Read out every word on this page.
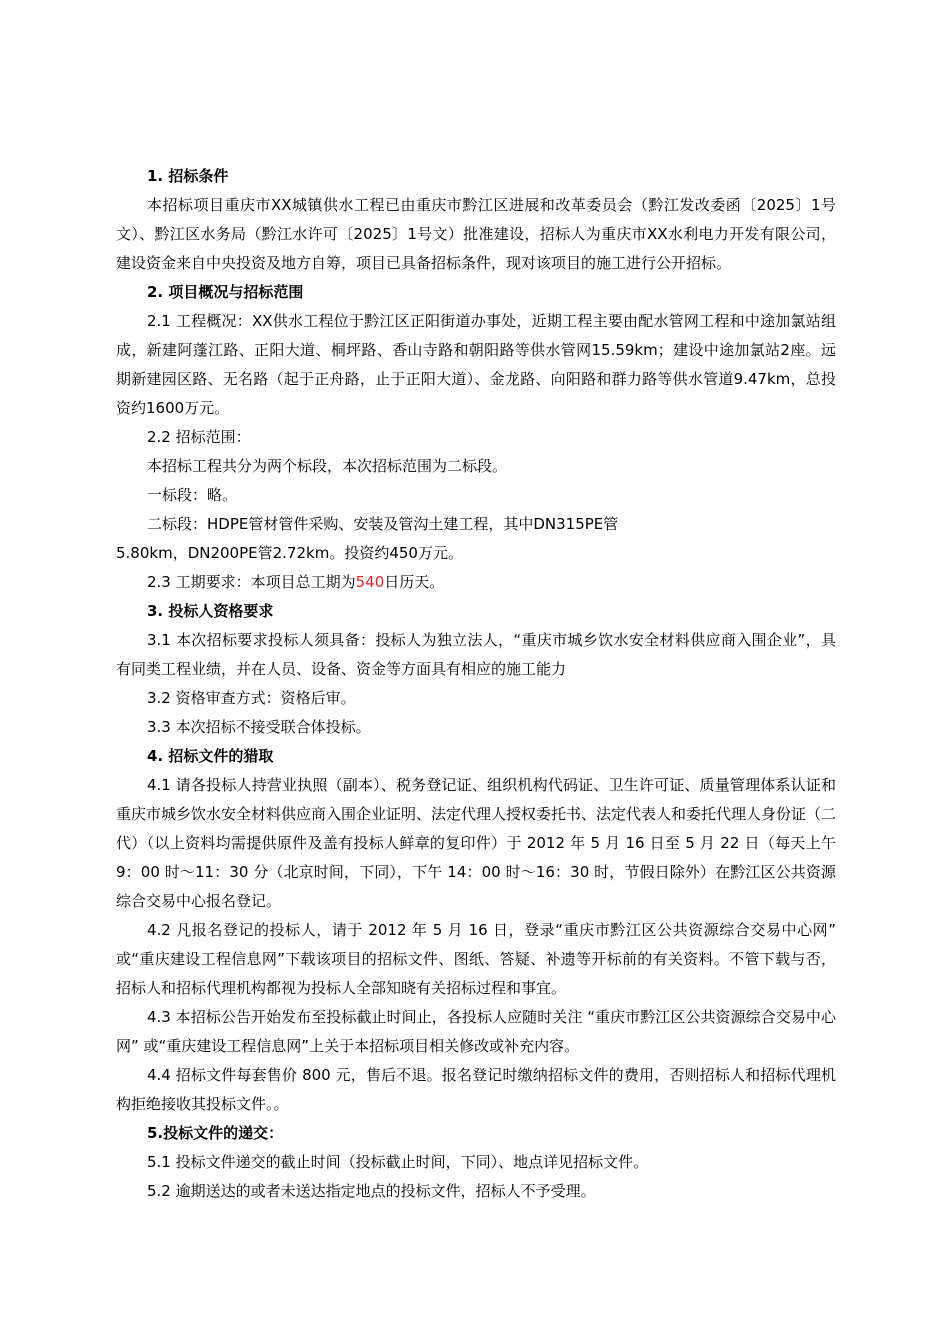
1. 招标条件

本招标项目重庆市XX城镇供水工程已由重庆市黔江区进展和改革委员会（黔江发改委函〔2025〕1号文）、黔江区水务局（黔江水许可〔2025〕1号文）批准建设，招标人为重庆市XX水利电力开发有限公司，建设资金来自中央投资及地方自筹，项目已具备招标条件，现对该项目的施工进行公开招标。

2. 项目概况与招标范围

2.1 工程概况：XX供水工程位于黔江区正阳街道办事处，近期工程主要由配水管网工程和中途加氯站组成，新建阿蓬江路、正阳大道、桐坪路、香山寺路和朝阳路等供水管网15.59km；建设中途加氯站2座。远期新建园区路、无名路（起于正舟路，止于正阳大道）、金龙路、向阳路和群力路等供水管道9.47km，总投资约1600万元。

2.2 招标范围：

本招标工程共分为两个标段，本次招标范围为二标段。

一标段：略。

二标段：HDPE管材管件采购、安装及管沟土建工程，其中DN315PE管

5.80km，DN200PE管2.72km。投资约450万元。

2.3 工期要求：本项目总工期为540日历天。

3. 投标人资格要求

3.1 本次招标要求投标人须具备：投标人为独立法人，“重庆市城乡饮水安全材料供应商入围企业”，具有同类工程业绩，并在人员、设备、资金等方面具有相应的施工能力

3.2 资格审查方式：资格后审。

3.3 本次招标不接受联合体投标。

4. 招标文件的猎取

4.1 请各投标人持营业执照（副本）、税务登记证、组织机构代码证、卫生许可证、质量管理体系认证和重庆市城乡饮水安全材料供应商入围企业证明、法定代理人授权委托书、法定代表人和委托代理人身份证（二代）（以上资料均需提供原件及盖有投标人鲜章的复印件）于 2012 年 5 月 16 日至 5 月 22 日（每天上午 9：00 时～11：30 分（北京时间，下同），下午 14：00 时～16：30 时，节假日除外）在黔江区公共资源综合交易中心报名登记。

4.2 凡报名登记的投标人，请于 2012 年 5 月 16 日，登录“重庆市黔江区公共资源综合交易中心网” 或“重庆建设工程信息网”下载该项目的招标文件、图纸、答疑、补遗等开标前的有关资料。不管下载与否，招标人和招标代理机构都视为投标人全部知晓有关招标过程和事宜。

4.3 本招标公告开始发布至投标截止时间止，各投标人应随时关注 “重庆市黔江区公共资源综合交易中心网” 或“重庆建设工程信息网”上关于本招标项目相关修改或补充内容。

4.4 招标文件每套售价 800 元，售后不退。报名登记时缴纳招标文件的费用，否则招标人和招标代理机构拒绝接收其投标文件。。

5.投标文件的递交：

5.1 投标文件递交的截止时间（投标截止时间，下同）、地点详见招标文件。

5.2 逾期送达的或者未送达指定地点的投标文件，招标人不予受理。
